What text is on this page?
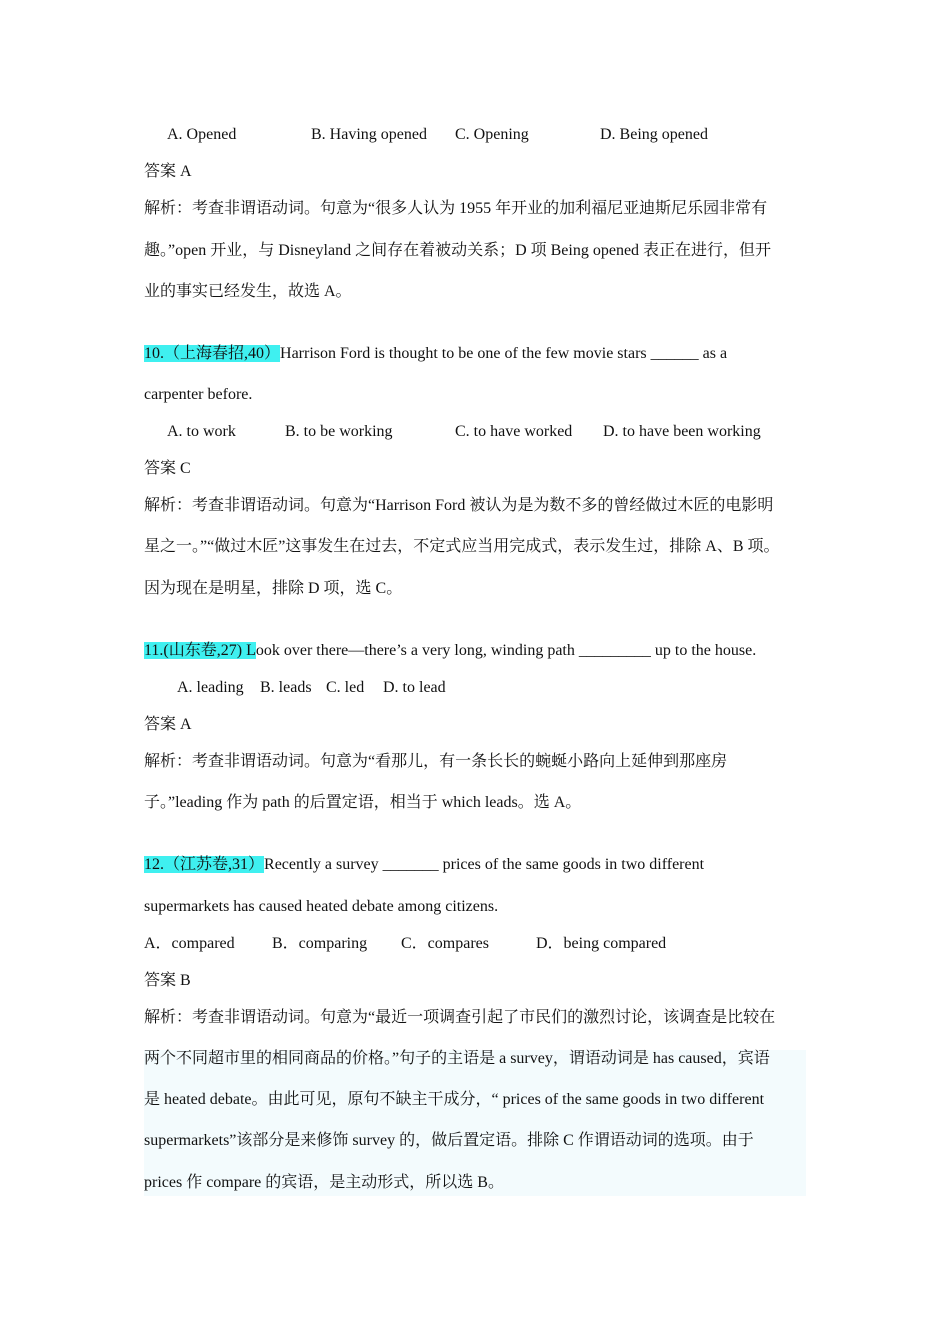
A. Opened	B. Having opened C. Opening	D. Being opened
答案 A
解析：考查非谓语动词。句意为“很多人认为 1955 年开业的加利福尼亚迪斯尼乐园非常有
趣。”open 开业，与 Disneyland 之间存在着被动关系；D 项 Being opened 表正在进行，但开
业的事实已经发生，故选 A。
10.（上海春招,40）Harrison Ford is thought to be one of the few movie stars ______ as a
carpenter before.
A. to work	B. to be working	C. to have worked D. to have been working
答案 C
解析：考查非谓语动词。句意为“Harrison Ford 被认为是为数不多的曾经做过木匠的电影明
星之一。”“做过木匠”这事发生在过去，不定式应当用完成式，表示发生过，排除 A、B 项。
因为现在是明星，排除 D 项，选 C。
11.(山东卷,27) Look over there—there’s a very long, winding path _________ up to the house.
A. leading B. leads C. led D. to lead
答案 A
解析：考查非谓语动词。句意为“看那儿，有一条长长的蜿蜒小路向上延伸到那座房
子。”leading 作为 path 的后置定语，相当于 which leads。选 A。
12.（江苏卷,31）Recently a survey _______ prices of the same goods in two different
supermarkets has caused heated debate among citizens.
A．compared B．comparing C．compares	D．being compared
答案 B
解析：考查非谓语动词。句意为“最近一项调查引起了市民们的激烈讨论，该调查是比较在
两个不同超市里的相同商品的价格。”句子的主语是 a survey，谓语动词是 has caused，宾语
是 heated debate。由此可见，原句不缺主干成分，“ prices of the same goods in two different
supermarkets”该部分是来修饰 survey 的，做后置定语。排除 C 作谓语动词的选项。由于
prices 作 compare 的宾语，是主动形式，所以选 B。
